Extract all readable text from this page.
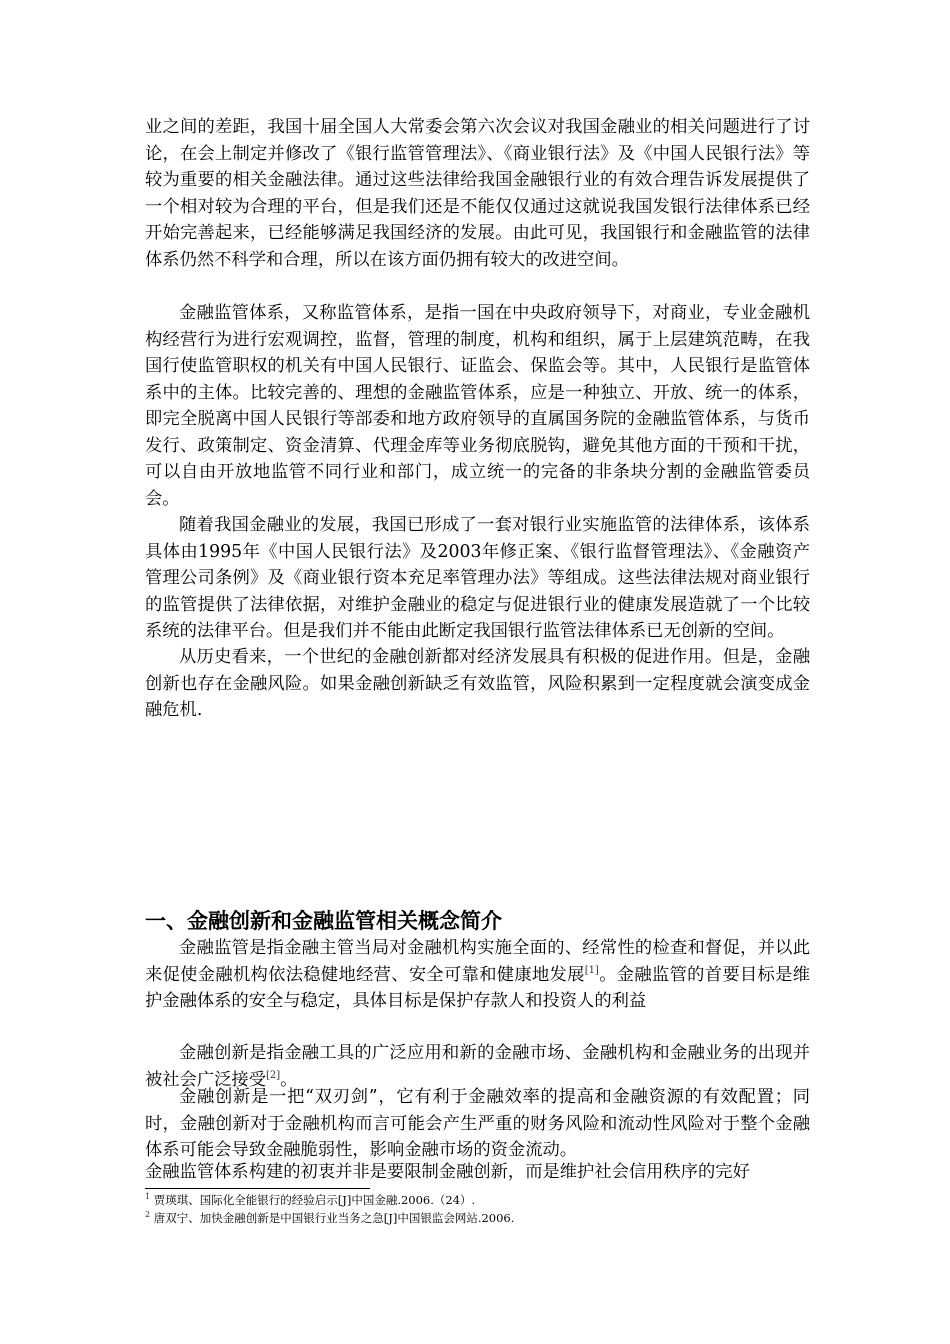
业之间的差距，我国十届全国人大常委会第六次会议对我国金融业的相关问题进行了讨论，在会上制定并修改了《银行监管管理法》、《商业银行法》及《中国人民银行法》等较为重要的相关金融法律。通过这些法律给我国金融银行业的有效合理告诉发展提供了一个相对较为合理的平台，但是我们还是不能仅仅通过这就说我国发银行法律体系已经开始完善起来，已经能够满足我国经济的发展。由此可见，我国银行和金融监管的法律体系仍然不科学和合理，所以在该方面仍拥有较大的改进空间。

金融监管体系，又称监管体系，是指一国在中央政府领导下，对商业，专业金融机构经营行为进行宏观调控，监督，管理的制度，机构和组织，属于上层建筑范畴，在我国行使监管职权的机关有中国人民银行、证监会、保监会等。其中，人民银行是监管体系中的主体。比较完善的、理想的金融监管体系，应是一种独立、开放、统一的体系，即完全脱离中国人民银行等部委和地方政府领导的直属国务院的金融监管体系，与货币发行、政策制定、资金清算、代理金库等业务彻底脱钩，避免其他方面的干预和干扰，可以自由开放地监管不同行业和部门，成立统一的完备的非条块分割的金融监管委员会。

随着我国金融业的发展，我国已形成了一套对银行业实施监管的法律体系，该体系具体由1995年《中国人民银行法》及2003年修正案、《银行监督管理法》、《金融资产管理公司条例》及《商业银行资本充足率管理办法》等组成。这些法律法规对商业银行的监管提供了法律依据，对维护金融业的稳定与促进银行业的健康发展造就了一个比较系统的法律平台。但是我们并不能由此断定我国银行监管法律体系已无创新的空间。

从历史看来，一个世纪的金融创新都对经济发展具有积极的促进作用。但是，金融创新也存在金融风险。如果金融创新缺乏有效监管，风险积累到一定程度就会演变成金融危机.

一、金融创新和金融监管相关概念简介

金融监管是指金融主管当局对金融机构实施全面的、经常性的检查和督促，并以此来促使金融机构依法稳健地经营、安全可靠和健康地发展[1]。金融监管的首要目标是维护金融体系的安全与稳定，具体目标是保护存款人和投资人的利益

金融创新是指金融工具的广泛应用和新的金融市场、金融机构和金融业务的出现并被社会广泛接受[2]。

金融创新是一把“双刃剑”，它有利于金融效率的提高和金融资源的有效配置；同时，金融创新对于金融机构而言可能会产生严重的财务风险和流动性风险对于整个金融体系可能会导致金融脆弱性，影响金融市场的资金流动。

金融监管体系构建的初衷并非是要限制金融创新，而是维护社会信用秩序的完好

$^1$ 贾瑛琪、国际化全能银行的经验启示[J]中国金融.2006.（24）.

$^2$ 唐双宁、加快金融创新是中国银行业当务之急[J]中国银监会网站.2006.
